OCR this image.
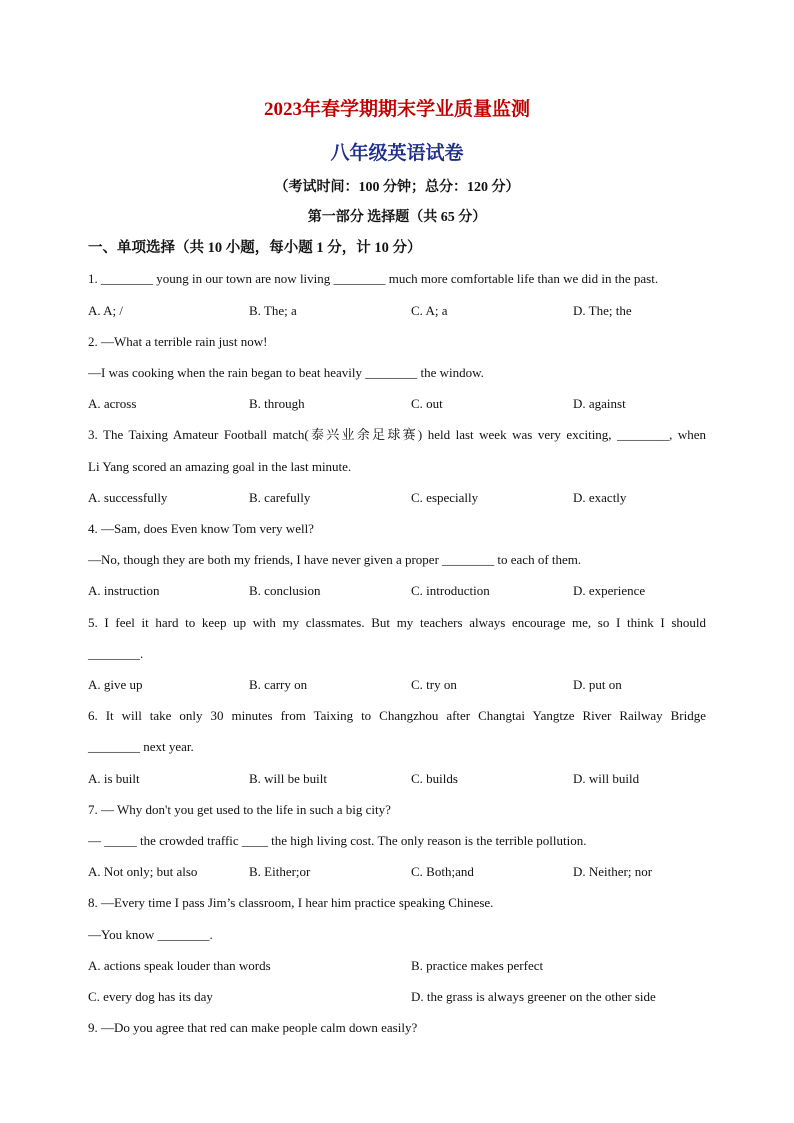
2023年春学期期末学业质量监测
八年级英语试卷
（考试时间：100 分钟；总分：120 分）
第一部分 选择题（共 65 分）
一、单项选择（共 10 小题，每小题 1 分，计 10 分）
1. ________ young in our town are now living ________ much more comfortable life than we did in the past.
A. A; /	B. The; a	C. A; a	D. The; the
2. —What a terrible rain just now!
—I was cooking when the rain began to beat heavily ________ the window.
A. across	B. through	C. out	D. against
3. The Taixing Amateur Football match(泰兴业余足球赛) held last week was very exciting, ________, when
Li Yang scored an amazing goal in the last minute.
A. successfully	B. carefully	C. especially	D. exactly
4. —Sam, does Even know Tom very well?
—No, though they are both my friends, I have never given a proper ________ to each of them.
A. instruction	B. conclusion	C. introduction	D. experience
5. I feel it hard to keep up with my classmates. But my teachers always encourage me, so I think I should
________.
A. give up	B. carry on	C. try on	D. put on
6. It will take only 30 minutes from Taixing to Changzhou after Changtai Yangtze River Railway Bridge
________ next year.
A. is built	B. will be built	C. builds	D. will build
7. — Why don't you get used to the life in such a big city?
— _____ the crowded traffic ____ the high living cost. The only reason is the terrible pollution.
A. Not only; but also	B. Either;or	C. Both;and	D. Neither; nor
8. —Every time I pass Jim’s classroom, I hear him practice speaking Chinese.
—You know ________.
A. actions speak louder than words	B. practice makes perfect
C. every dog has its day	D. the grass is always greener on the other side
9. —Do you agree that red can make people calm down easily?
